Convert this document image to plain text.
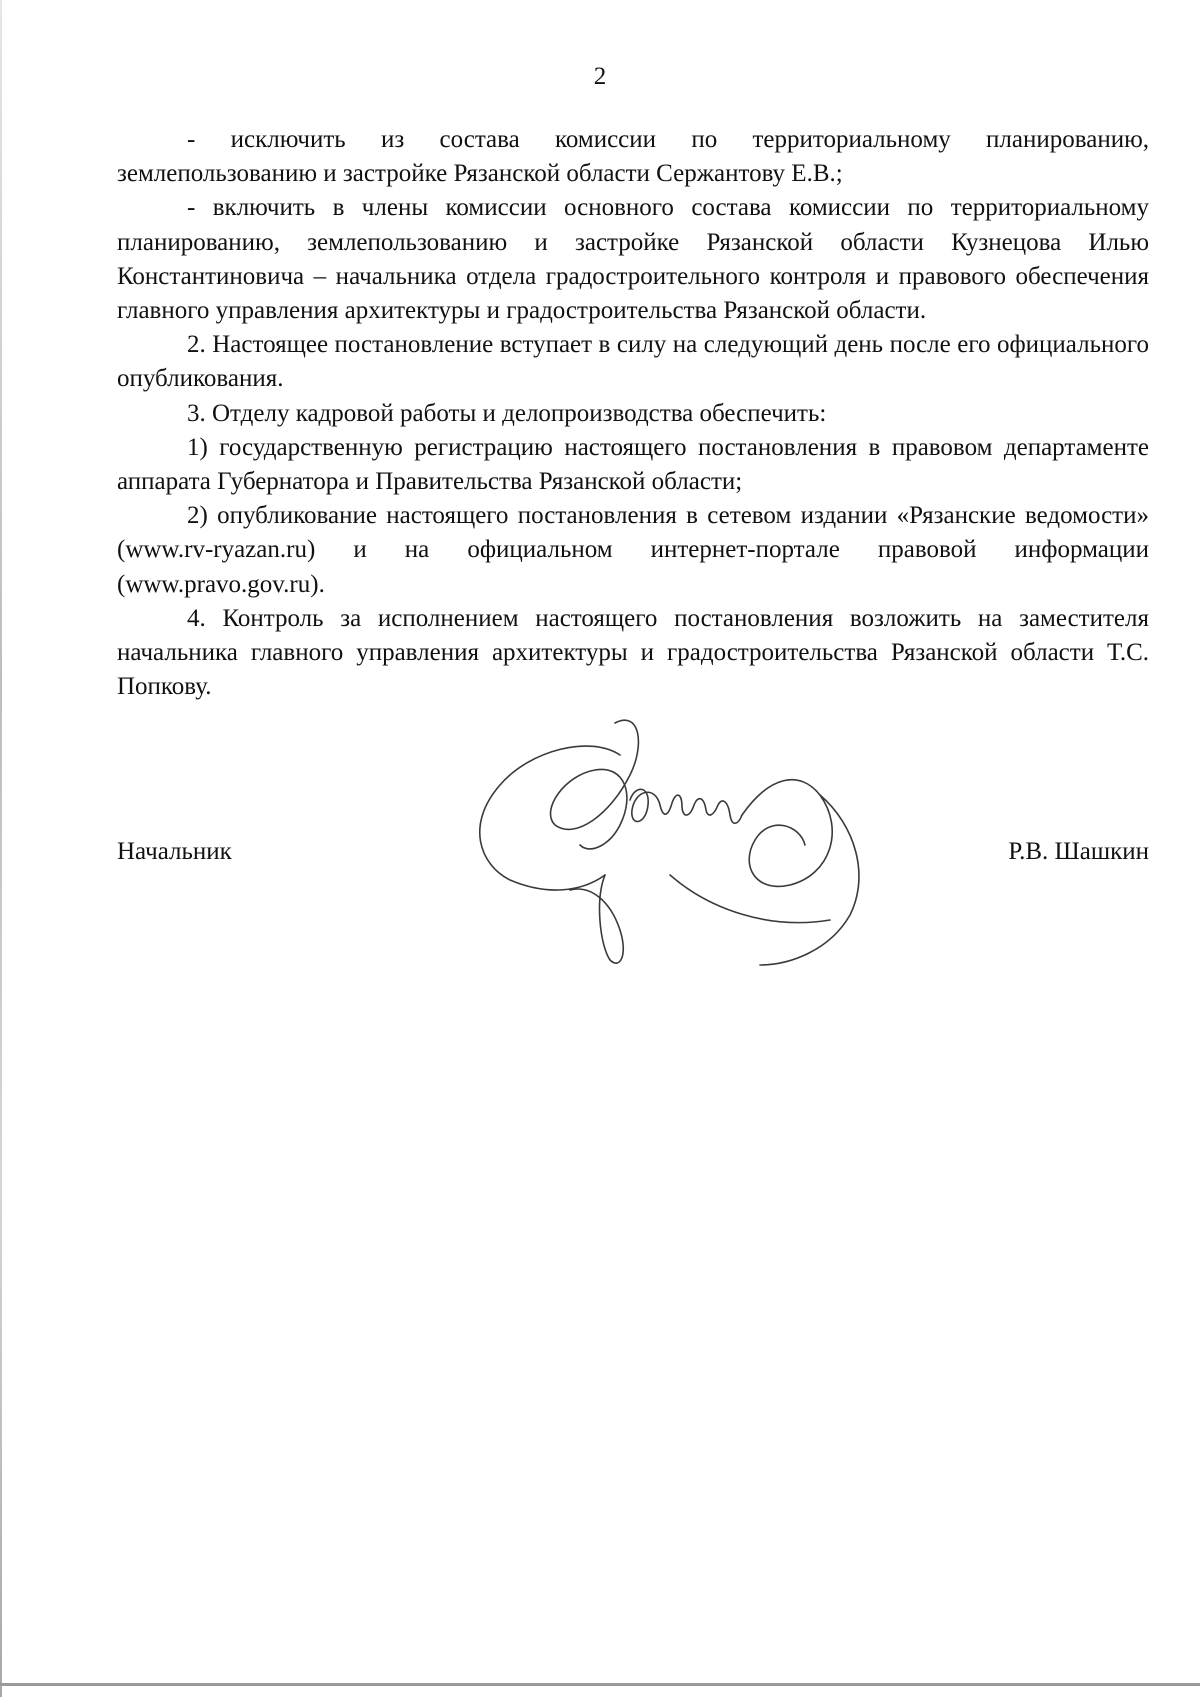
2

- исключить из состава комиссии по территориальному планированию, землепользованию и застройке Рязанской области Сержантову Е.В.;

- включить в члены комиссии основного состава комиссии по территориальному планированию, землепользованию и застройке Рязанской области Кузнецова Илью Константиновича – начальника отдела градостроительного контроля и правового обеспечения главного управления архитектуры и градостроительства Рязанской области.

2. Настоящее постановление вступает в силу на следующий день после его официального опубликования.

3. Отделу кадровой работы и делопроизводства обеспечить:

1) государственную регистрацию настоящего постановления в правовом департаменте аппарата Губернатора и Правительства Рязанской области;

2) опубликование настоящего постановления в сетевом издании «Рязанские ведомости» (www.rv-ryazan.ru) и на официальном интернет-портале правовой информации (www.pravo.gov.ru).

4. Контроль за исполнением настоящего постановления возложить на заместителя начальника главного управления архитектуры и градостроительства Рязанской области Т.С. Попкову.

Начальник	Р.В. Шашкин
